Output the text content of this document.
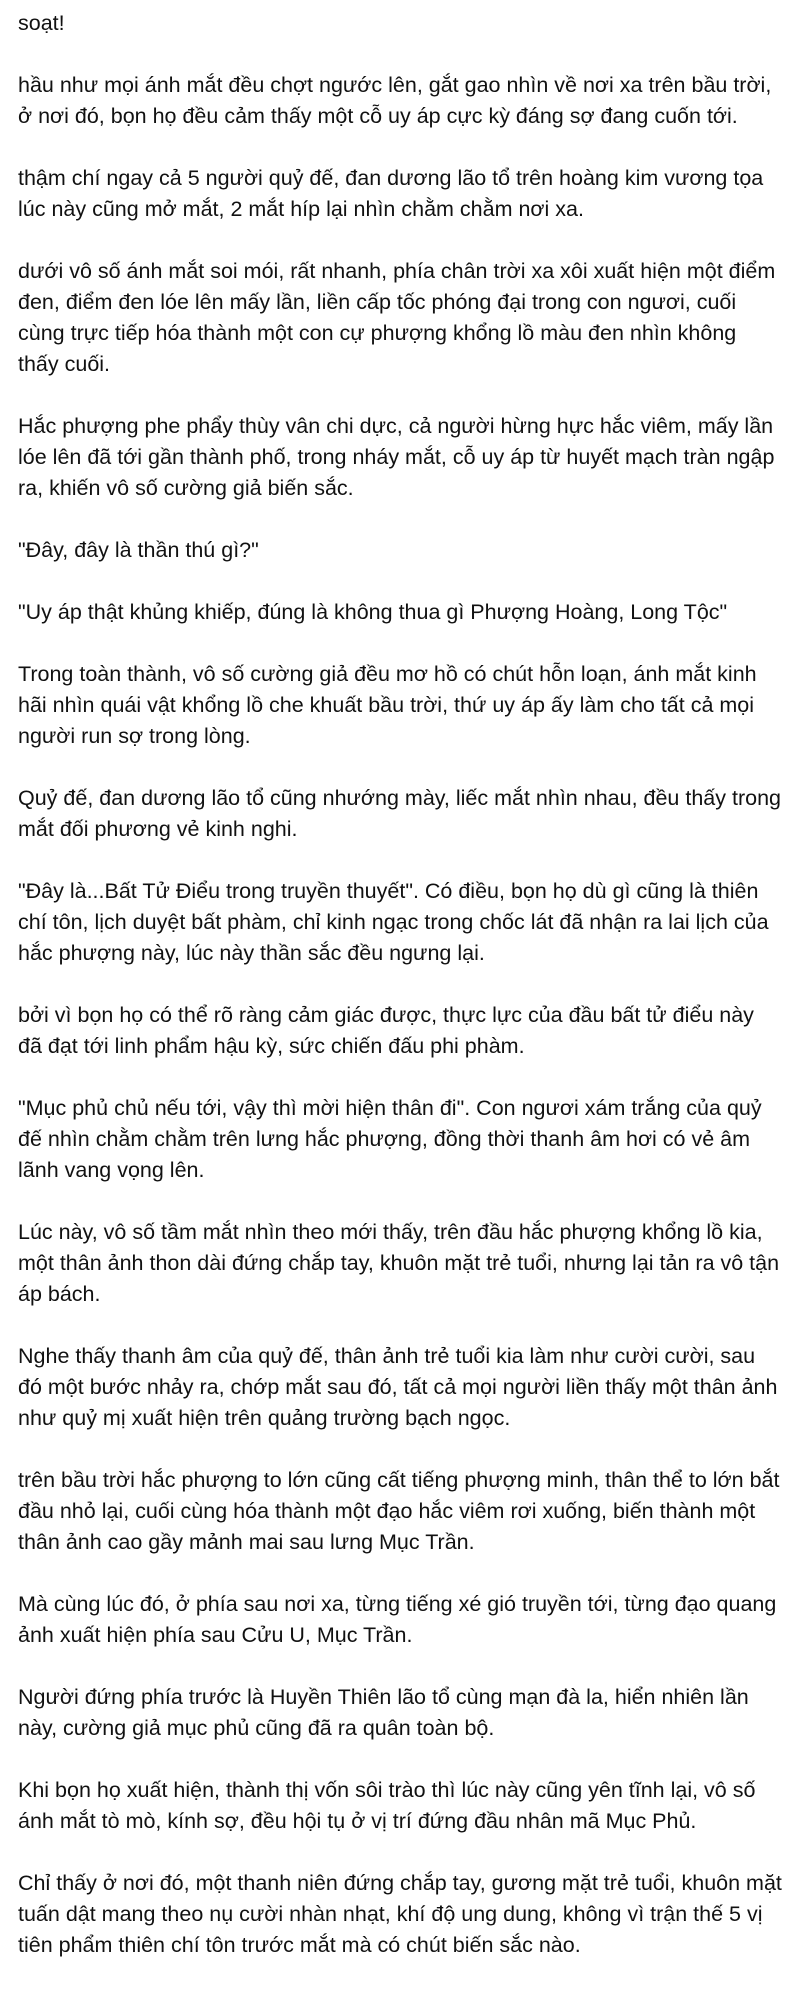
soạt!

hầu như mọi ánh mắt đều chợt ngước lên, gắt gao nhìn về nơi xa trên bầu trời, ở nơi đó, bọn họ đều cảm thấy một cỗ uy áp cực kỳ đáng sợ đang cuốn tới.

thậm chí ngay cả 5 người quỷ đế, đan dương lão tổ trên hoàng kim vương tọa lúc này cũng mở mắt, 2 mắt híp lại nhìn chằm chằm nơi xa.

dưới vô số ánh mắt soi mói, rất nhanh, phía chân trời xa xôi xuất hiện một điểm đen, điểm đen lóe lên mấy lần, liền cấp tốc phóng đại trong con ngươi, cuối cùng trực tiếp hóa thành một con cự phượng khổng lồ màu đen nhìn không thấy cuối.

Hắc phượng phe phẩy thùy vân chi dực, cả người hừng hực hắc viêm, mấy lần lóe lên đã tới gần thành phố, trong nháy mắt, cỗ uy áp từ huyết mạch tràn ngập ra, khiến vô số cường giả biến sắc.

"Đây, đây là thần thú gì?"

"Uy áp thật khủng khiếp, đúng là không thua gì Phượng Hoàng, Long Tộc"

Trong toàn thành, vô số cường giả đều mơ hồ có chút hỗn loạn, ánh mắt kinh hãi nhìn quái vật khổng lồ che khuất bầu trời, thứ uy áp ấy làm cho tất cả mọi người run sợ trong lòng.

Quỷ đế, đan dương lão tổ cũng nhướng mày, liếc mắt nhìn nhau, đều thấy trong mắt đối phương vẻ kinh nghi.

"Đây là...Bất Tử Điểu trong truyền thuyết". Có điều, bọn họ dù gì cũng là thiên chí tôn, lịch duyệt bất phàm, chỉ kinh ngạc trong chốc lát đã nhận ra lai lịch của hắc phượng này, lúc này thần sắc đều ngưng lại.

bởi vì bọn họ có thể rõ ràng cảm giác được, thực lực của đầu bất tử điểu này đã đạt tới linh phẩm hậu kỳ, sức chiến đấu phi phàm.

"Mục phủ chủ nếu tới, vậy thì mời hiện thân đi". Con ngươi xám trắng của quỷ đế nhìn chằm chằm trên lưng hắc phượng, đồng thời thanh âm hơi có vẻ âm lãnh vang vọng lên.

Lúc này, vô số tầm mắt nhìn theo mới thấy, trên đầu hắc phượng khổng lồ kia, một thân ảnh thon dài đứng chắp tay, khuôn mặt trẻ tuổi, nhưng lại tản ra vô tận áp bách.

Nghe thấy thanh âm của quỷ đế, thân ảnh trẻ tuổi kia làm như cười cười, sau đó một bước nhảy ra, chớp mắt sau đó, tất cả mọi người liền thấy một thân ảnh như quỷ mị xuất hiện trên quảng trường bạch ngọc.

trên bầu trời hắc phượng to lớn cũng cất tiếng phượng minh, thân thể to lớn bắt đầu nhỏ lại, cuối cùng hóa thành một đạo hắc viêm rơi xuống, biến thành một thân ảnh cao gầy mảnh mai sau lưng Mục Trần.

Mà cùng lúc đó, ở phía sau nơi xa, từng tiếng xé gió truyền tới, từng đạo quang ảnh xuất hiện phía sau Cửu U, Mục Trần.

Người đứng phía trước là Huyền Thiên lão tổ cùng mạn đà la, hiển nhiên lần này, cường giả mục phủ cũng đã ra quân toàn bộ.

Khi bọn họ xuất hiện, thành thị vốn sôi trào thì lúc này cũng yên tĩnh lại, vô số ánh mắt tò mò, kính sợ, đều hội tụ ở vị trí đứng đầu nhân mã Mục Phủ.

Chỉ thấy ở nơi đó, một thanh niên đứng chắp tay, gương mặt trẻ tuổi, khuôn mặt tuấn dật mang theo nụ cười nhàn nhạt, khí độ ung dung, không vì trận thế 5 vị tiên phẩm thiên chí tôn trước mắt mà có chút biến sắc nào.
